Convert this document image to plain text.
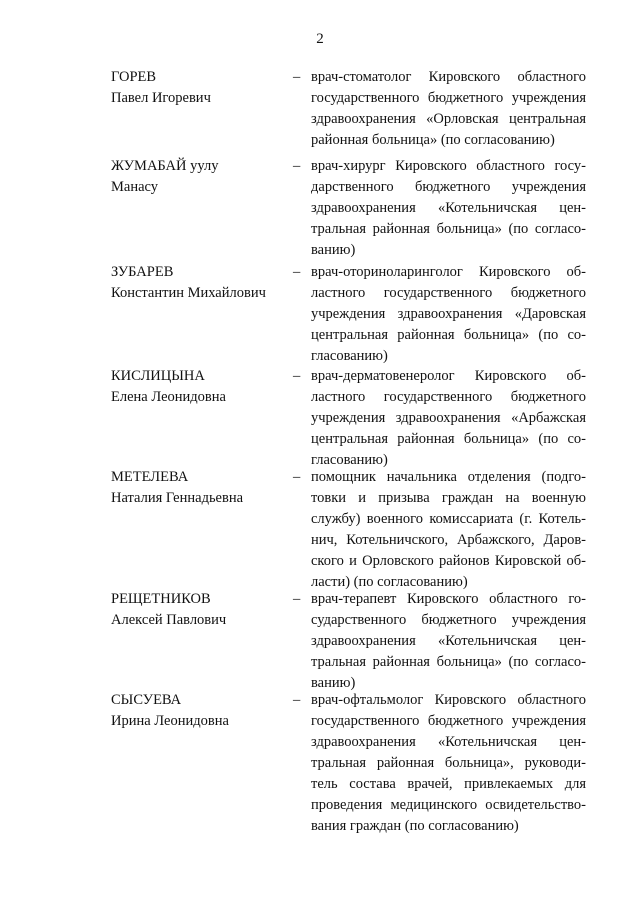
2
ГОРЕВ
Павел Игоревич
– врач-стоматолог Кировского областного
государственного бюджетного учреждения
здравоохранения «Орловская центральная
районная больница» (по согласованию)
ЖУМАБАЙ уулу
Манасу
– врач-хирург Кировского областного госу-
дарственного бюджетного учреждения
здравоохранения «Котельничская цен-
тральная районная больница» (по согласо-
ванию)
ЗУБАРЕВ
Константин Михайлович
– врач-оториноларинголог Кировского об-
ластного государственного бюджетного
учреждения здравоохранения «Даровская
центральная районная больница» (по со-
гласованию)
КИСЛИЦЫНА
Елена Леонидовна
– врач-дерматовенеролог Кировского об-
ластного государственного бюджетного
учреждения здравоохранения «Арбажская
центральная районная больница» (по со-
гласованию)
МЕТЕЛЕВА
Наталия Геннадьевна
– помощник начальника отделения (подго-
товки и призыва граждан на военную
службу) военного комиссариата (г. Котель-
нич, Котельничского, Арбажского, Даров-
ского и Орловского районов Кировской об-
ласти) (по согласованию)
РЕЩЕТНИКОВ
Алексей Павлович
– врач-терапевт Кировского областного го-
сударственного бюджетного учреждения
здравоохранения «Котельничская цен-
тральная районная больница» (по согласо-
ванию)
СЫСУЕВА
Ирина Леонидовна
– врач-офтальмолог Кировского областного
государственного бюджетного учреждения
здравоохранения «Котельничская цен-
тральная районная больница», руководи-
тель состава врачей, привлекаемых для
проведения медицинского освидетельство-
вания граждан (по согласованию)
